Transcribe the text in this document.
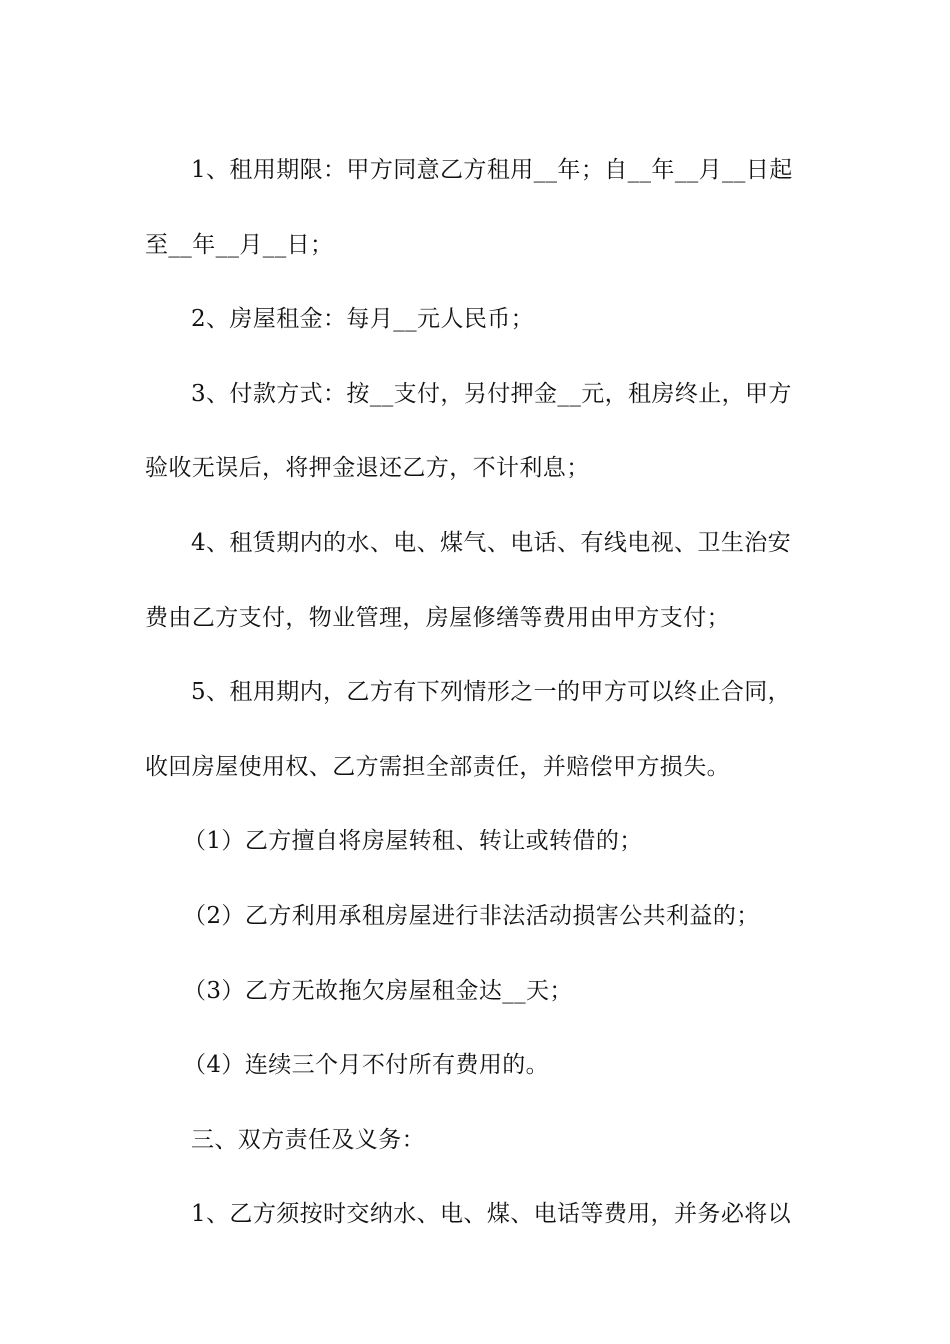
1、租用期限：甲方同意乙方租用__年；自__年__月__日起

至__年__月__日；

2、房屋租金：每月__元人民币；

3、付款方式：按__支付，另付押金__元，租房终止，甲方

验收无误后，将押金退还乙方，不计利息；

4、租赁期内的水、电、煤气、电话、有线电视、卫生治安

费由乙方支付，物业管理，房屋修缮等费用由甲方支付；

5、租用期内，乙方有下列情形之一的甲方可以终止合同，

收回房屋使用权、乙方需担全部责任，并赔偿甲方损失。

（1）乙方擅自将房屋转租、转让或转借的；

（2）乙方利用承租房屋进行非法活动损害公共利益的；

（3）乙方无故拖欠房屋租金达__天；

（4）连续三个月不付所有费用的。

三、双方责任及义务：

1、乙方须按时交纳水、电、煤、电话等费用，并务必将以
